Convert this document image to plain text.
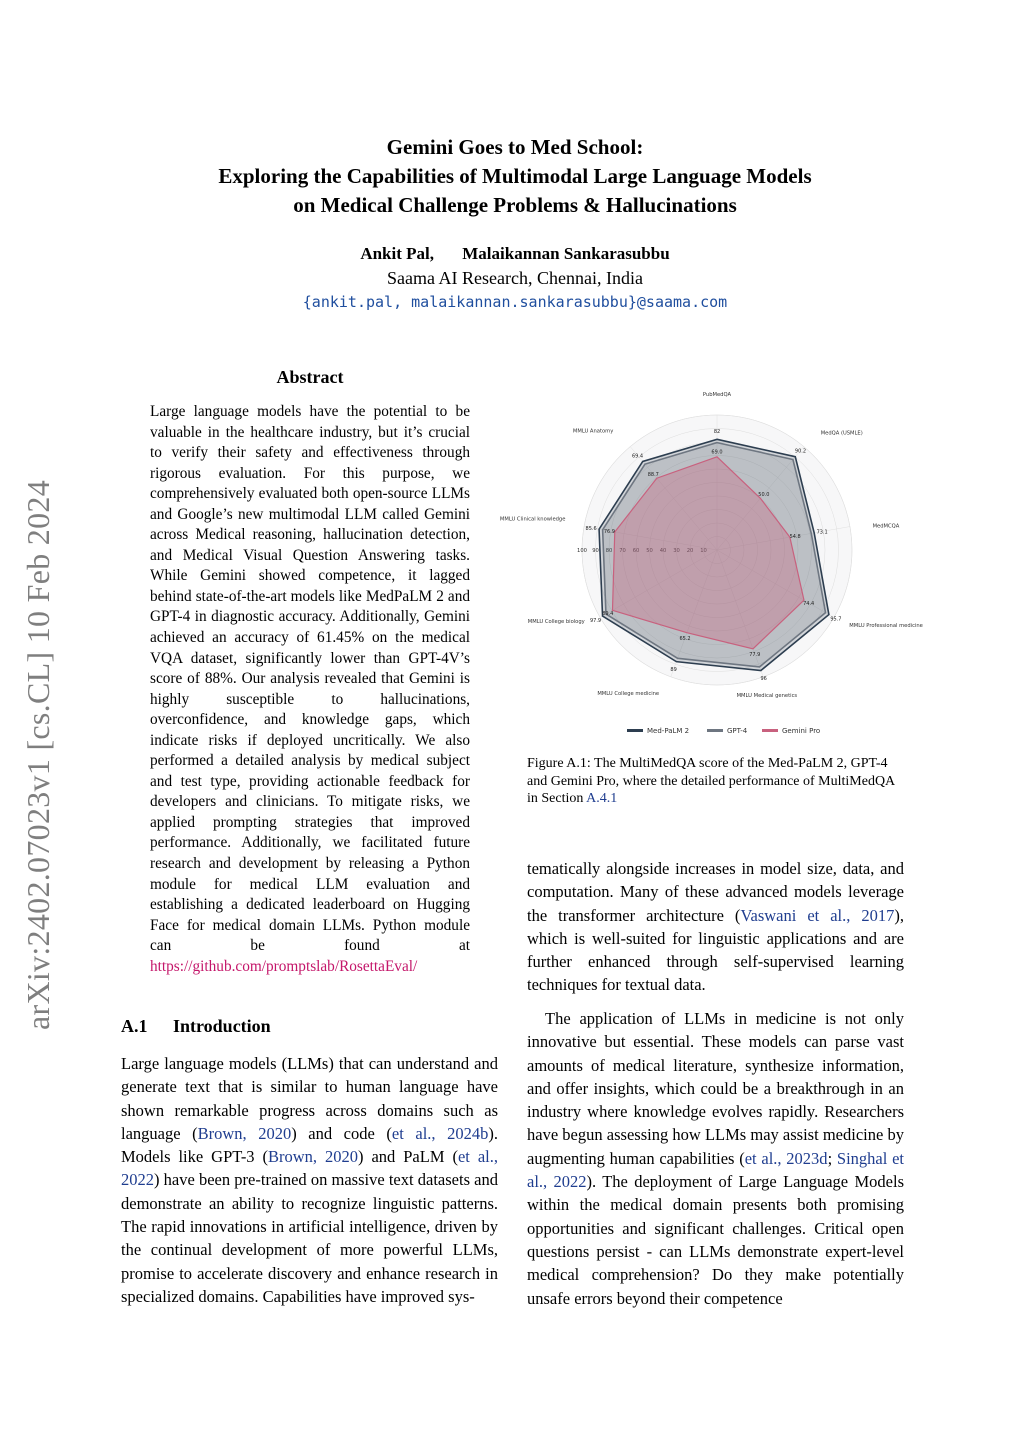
arXiv:2402.07023v1 [cs.CL] 10 Feb 2024
Gemini Goes to Med School:
Exploring the Capabilities of Multimodal Large Language Models
on Medical Challenge Problems & Hallucinations
Ankit Pal, Malaikannan Sankarasubbu
Saama AI Research, Chennai, India
{ankit.pal, malaikannan.sankarasubbu}@saama.com
Abstract
Large language models have the potential to be valuable in the healthcare industry, but it’s crucial to verify their safety and effectiveness through rigorous evaluation. For this purpose, we comprehensively evaluated both open-source LLMs and Google’s new multimodal LLM called Gemini across Medical reasoning, hallucination detection, and Medical Visual Question Answering tasks. While Gemini showed competence, it lagged behind state-of-the-art models like MedPaLM 2 and GPT-4 in diagnostic accuracy. Additionally, Gemini achieved an accuracy of 61.45% on the medical VQA dataset, significantly lower than GPT-4V’s score of 88%. Our analysis revealed that Gemini is highly susceptible to hallucinations, overconfidence, and knowledge gaps, which indicate risks if deployed uncritically. We also performed a detailed analysis by medical subject and test type, providing actionable feedback for developers and clinicians. To mitigate risks, we applied prompting strategies that improved performance. Additionally, we facilitated future research and development by releasing a Python module for medical LLM evaluation and establishing a dedicated leaderboard on Hugging Face for medical domain LLMs. Python module can be found at https://github.com/promptslab/RosettaEval/
A.1 Introduction

Large language models (LLMs) that can understand and generate text that is similar to human language have shown remarkable progress across domains such as language (Brown, 2020) and code (et al., 2024b). Models like GPT-3 (Brown, 2020) and PaLM (et al., 2022) have been pre-trained on massive text datasets and demonstrate an ability to recognize linguistic patterns. The rapid innovations in artificial intelligence, driven by the continual development of more powerful LLMs, promise to accelerate discovery and enhance research in specialized domains. Capabilities have improved sys-

100 90
PubMedQA
MedQA (USMLE)
MedMCQA
MMLU Professional medicine
MMLU Medical genetics
MMLU College medicine
MMLU College biology
MMLU Clinical knowledge
MMLU Anatomy	82
69.0	90.2
50.0
73.1
54.8
95.7
74.4
96
77.9
89
65.2
97.9
89.4
85.6
76.9
69.4
88.7
Med-PaLM 2	GPT-4	Gemini Pro
Figure A.1: The MultiMedQA score of the Med-PaLM 2, GPT-4 and Gemini Pro, where the detailed performance of MultiMedQA in Section A.4.1

tematically alongside increases in model size, data, and computation. Many of these advanced models leverage the transformer architecture (Vaswani et al., 2017), which is well-suited for linguistic applications and are further enhanced through self-supervised learning techniques for textual data.

The application of LLMs in medicine is not only innovative but essential. These models can parse vast amounts of medical literature, synthesize information, and offer insights, which could be a breakthrough in an industry where knowledge evolves rapidly. Researchers have begun assessing how LLMs may assist medicine by augmenting human capabilities (et al., 2023d; Singhal et al., 2022). The deployment of Large Language Models within the medical domain presents both promising opportunities and significant challenges. Critical open questions persist - can LLMs demonstrate expert-level medical comprehension? Do they make potentially unsafe errors beyond their competence
